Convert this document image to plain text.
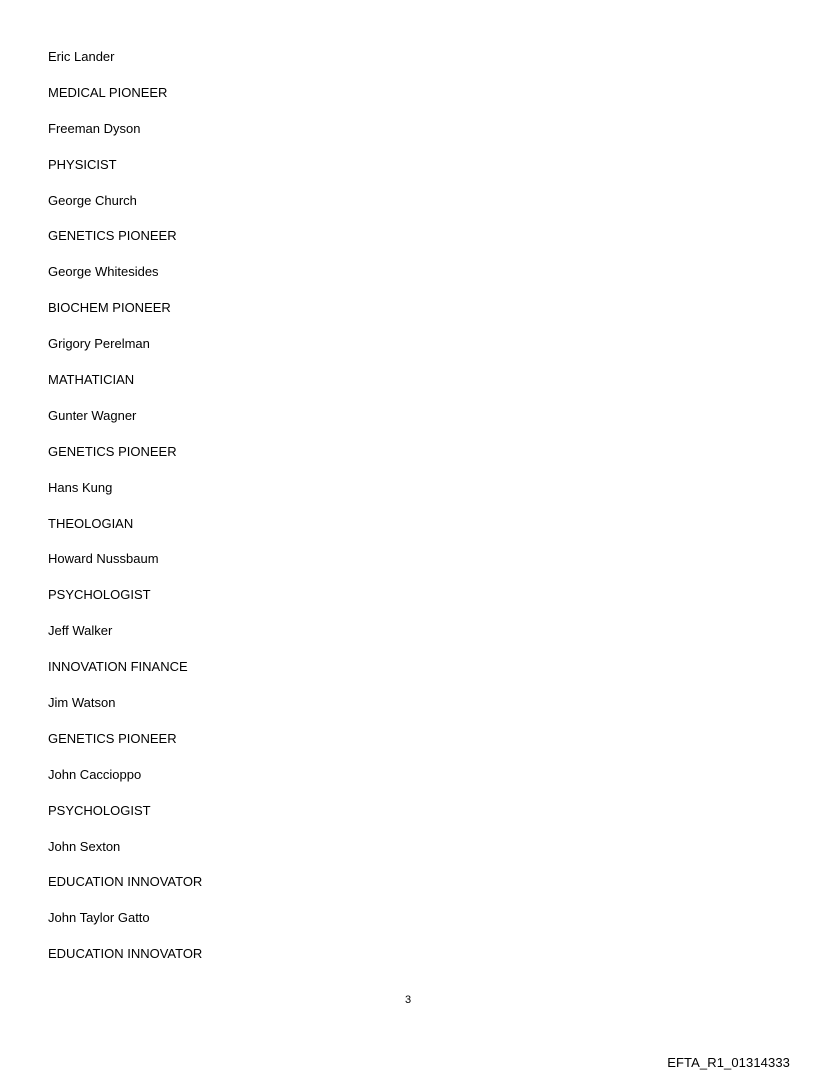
Eric Lander
MEDICAL PIONEER
Freeman Dyson
PHYSICIST
George Church
GENETICS PIONEER
George Whitesides
BIOCHEM PIONEER
Grigory Perelman
MATHATICIAN
Gunter Wagner
GENETICS PIONEER
Hans Kung
THEOLOGIAN
Howard Nussbaum
PSYCHOLOGIST
Jeff Walker
INNOVATION FINANCE
Jim Watson
GENETICS PIONEER
John Caccioppo
PSYCHOLOGIST
John Sexton
EDUCATION INNOVATOR
John Taylor Gatto
EDUCATION INNOVATOR
3
EFTA_R1_01314333
